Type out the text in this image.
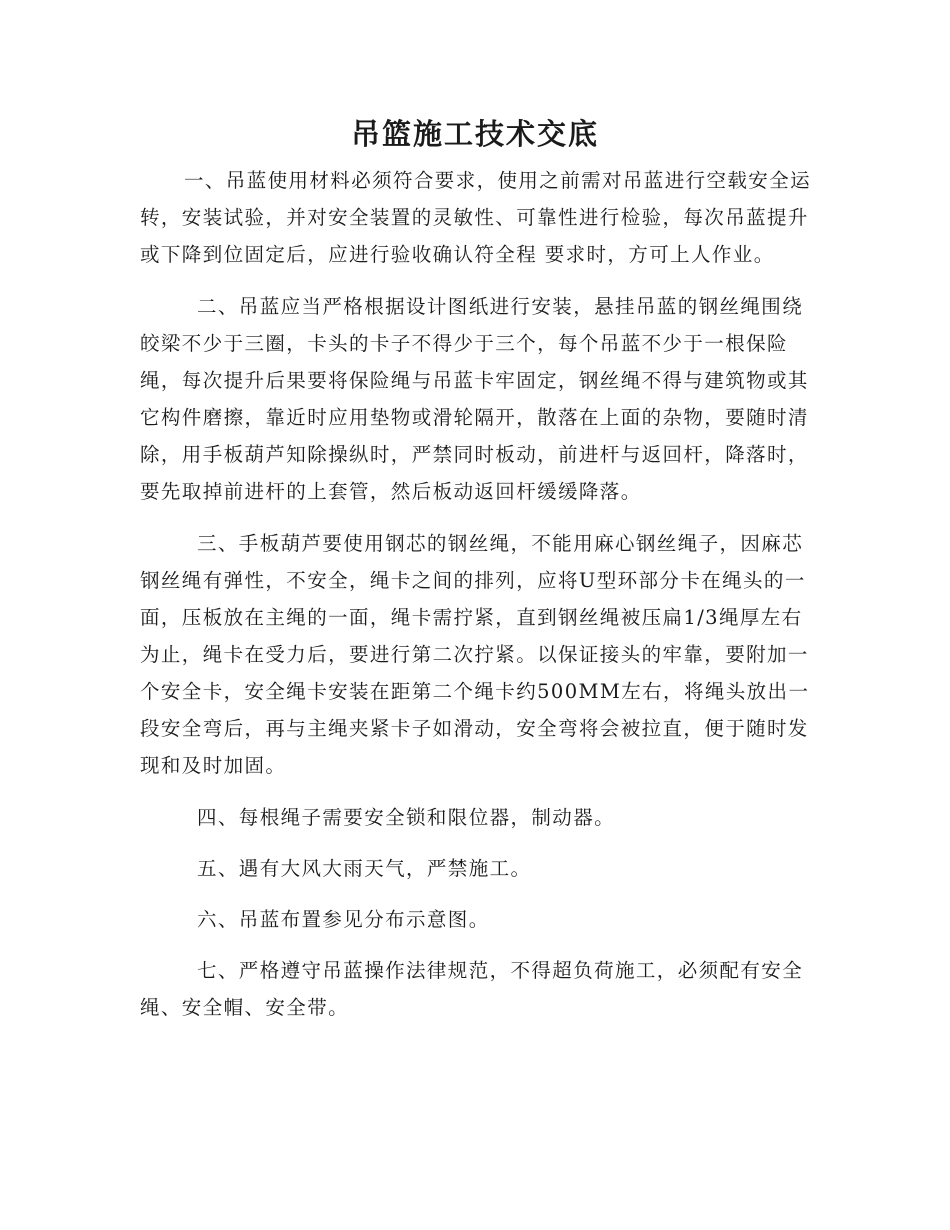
吊篮施工技术交底

一、吊蓝使用材料必须符合要求，使用之前需对吊蓝进行空载安全运转，安装试验，并对安全装置的灵敏性、可靠性进行检验，每次吊蓝提升或下降到位固定后，应进行验收确认符全程 要求时，方可上人作业。

二、吊蓝应当严格根据设计图纸进行安装，悬挂吊蓝的钢丝绳围绕皎梁不少于三圈，卡头的卡子不得少于三个，每个吊蓝不少于一根保险绳，每次提升后果要将保险绳与吊蓝卡牢固定，钢丝绳不得与建筑物或其它构件磨擦，靠近时应用垫物或滑轮隔开，散落在上面的杂物，要随时清除，用手板葫芦知除操纵时，严禁同时板动，前进杆与返回杆，降落时，要先取掉前进杆的上套管，然后板动返回杆缓缓降落。

三、手板葫芦要使用钢芯的钢丝绳，不能用麻心钢丝绳子，因麻芯钢丝绳有弹性，不安全，绳卡之间的排列，应将U型环部分卡在绳头的一面，压板放在主绳的一面，绳卡需拧紧，直到钢丝绳被压扁1/3绳厚左右为止，绳卡在受力后，要进行第二次拧紧。以保证接头的牢靠，要附加一个安全卡，安全绳卡安装在距第二个绳卡约500MM左右，将绳头放出一段安全弯后，再与主绳夹紧卡子如滑动，安全弯将会被拉直，便于随时发现和及时加固。

四、每根绳子需要安全锁和限位器，制动器。

五、遇有大风大雨天气，严禁施工。

六、吊蓝布置参见分布示意图。

七、严格遵守吊蓝操作法律规范，不得超负荷施工，必须配有安全绳、安全帽、安全带。
